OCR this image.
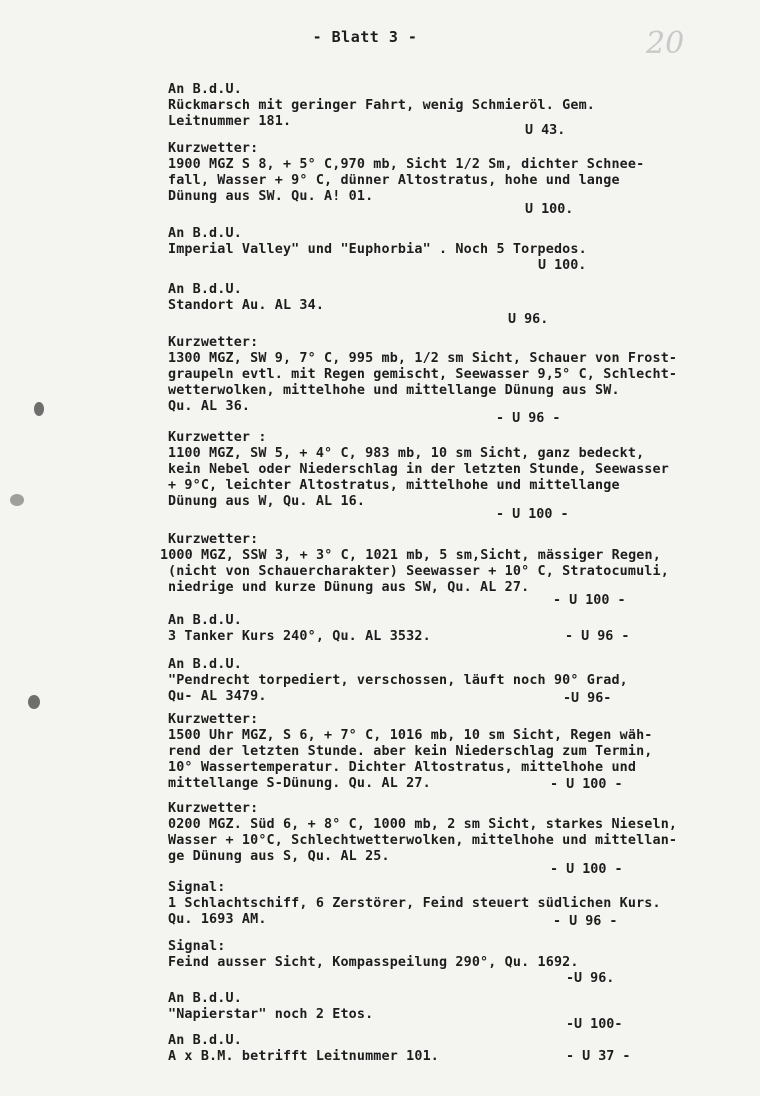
- Blatt 3 -	20
An B.d.U.
Rückmarsch mit geringer Fahrt, wenig Schmieröl. Gem.
Leitnummer 181.
U 43.
Kurzwetter:
1900 MGZ S 8, + 5° C,970 mb, Sicht 1/2 Sm, dichter Schnee-
fall, Wasser + 9° C, dünner Altostratus, hohe und lange
Dünung aus SW. Qu. A! 01.
U 100.
An B.d.U.
Imperial Valley" und "Euphorbia" . Noch 5 Torpedos.
U 100.
An B.d.U.
Standort Au. AL 34.
U 96.
Kurzwetter:
1300 MGZ, SW 9, 7° C, 995 mb, 1/2 sm Sicht, Schauer von Frost-
graupeln evtl. mit Regen gemischt, Seewasser 9,5° C, Schlecht-
wetterwolken, mittelhohe und mittellange Dünung aus SW.
Qu. AL 36.
- U 96 -
Kurzwetter :
1100 MGZ, SW 5, + 4° C, 983 mb, 10 sm Sicht, ganz bedeckt,
kein Nebel oder Niederschlag in der letzten Stunde, Seewasser
+ 9°C, leichter Altostratus, mittelhohe und mittellange
Dünung aus W, Qu. AL 16.
- U 100 -
Kurzwetter:
1000 MGZ, SSW 3, + 3° C, 1021 mb, 5 sm,Sicht, mässiger Regen,
(nicht von Schauercharakter) Seewasser + 10° C, Stratocumuli,
niedrige und kurze Dünung aus SW, Qu. AL 27.
- U 100 -
An B.d.U.
3 Tanker Kurs 240°, Qu. AL 3532.	- U 96 -
An B.d.U.
"Pendrecht torpediert, verschossen, läuft noch 90° Grad,
Qu- AL 3479.	-U 96-
Kurzwetter:
1500 Uhr MGZ, S 6, + 7° C, 1016 mb, 10 sm Sicht, Regen wäh-
rend der letzten Stunde. aber kein Niederschlag zum Termin,
10° Wassertemperatur. Dichter Altostratus, mittelhohe und
mittellange S-Dünung. Qu. AL 27.	- U 100 -
Kurzwetter:
0200 MGZ. Süd 6, + 8° C, 1000 mb, 2 sm Sicht, starkes Nieseln,
Wasser + 10°C, Schlechtwetterwolken, mittelhohe und mittellan-
ge Dünung aus S, Qu. AL 25.
- U 100 -
Signal:
1 Schlachtschiff, 6 Zerstörer, Feind steuert südlichen Kurs.
Qu. 1693 AM.	- U 96 -
Signal:
Feind ausser Sicht, Kompasspeilung 290°, Qu. 1692.
-U 96.
An B.d.U.
"Napierstar" noch 2 Etos.
-U 100-
An B.d.U.
A x B.M. betrifft Leitnummer 101.	- U 37 -
